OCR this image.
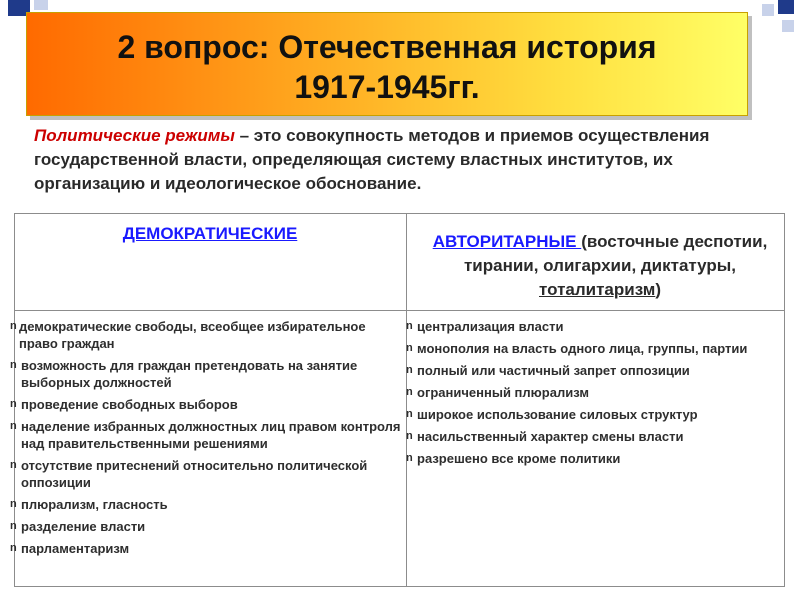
2 вопрос: Отечественная история
1917-1945гг.
Политические режимы – это совокупность методов и приемов осуществления государственной власти, определяющая систему властных институтов, их организацию и идеологическое обоснование.
ДЕМОКРАТИЧЕСКИЕ	АВТОРИТАРНЫЕ (восточные деспотии, тирании, олигархии, диктатуры, тоталитаризм)
n демократические свободы, всеобщее избирательное право граждан
n возможность для граждан претендовать на занятие выборных должностей
n проведение свободных выборов
n наделение избранных должностных лиц правом контроля над правительственными решениями
n отсутствие притеснений относительно политической оппозиции
n плюрализм, гласность
n разделение власти
n парламентаризм
n централизация власти
n монополия на власть одного лица, группы, партии
n полный или частичный запрет оппозиции
n ограниченный плюрализм
n широкое использование силовых структур
n насильственный характер смены власти
n разрешено все кроме политики
